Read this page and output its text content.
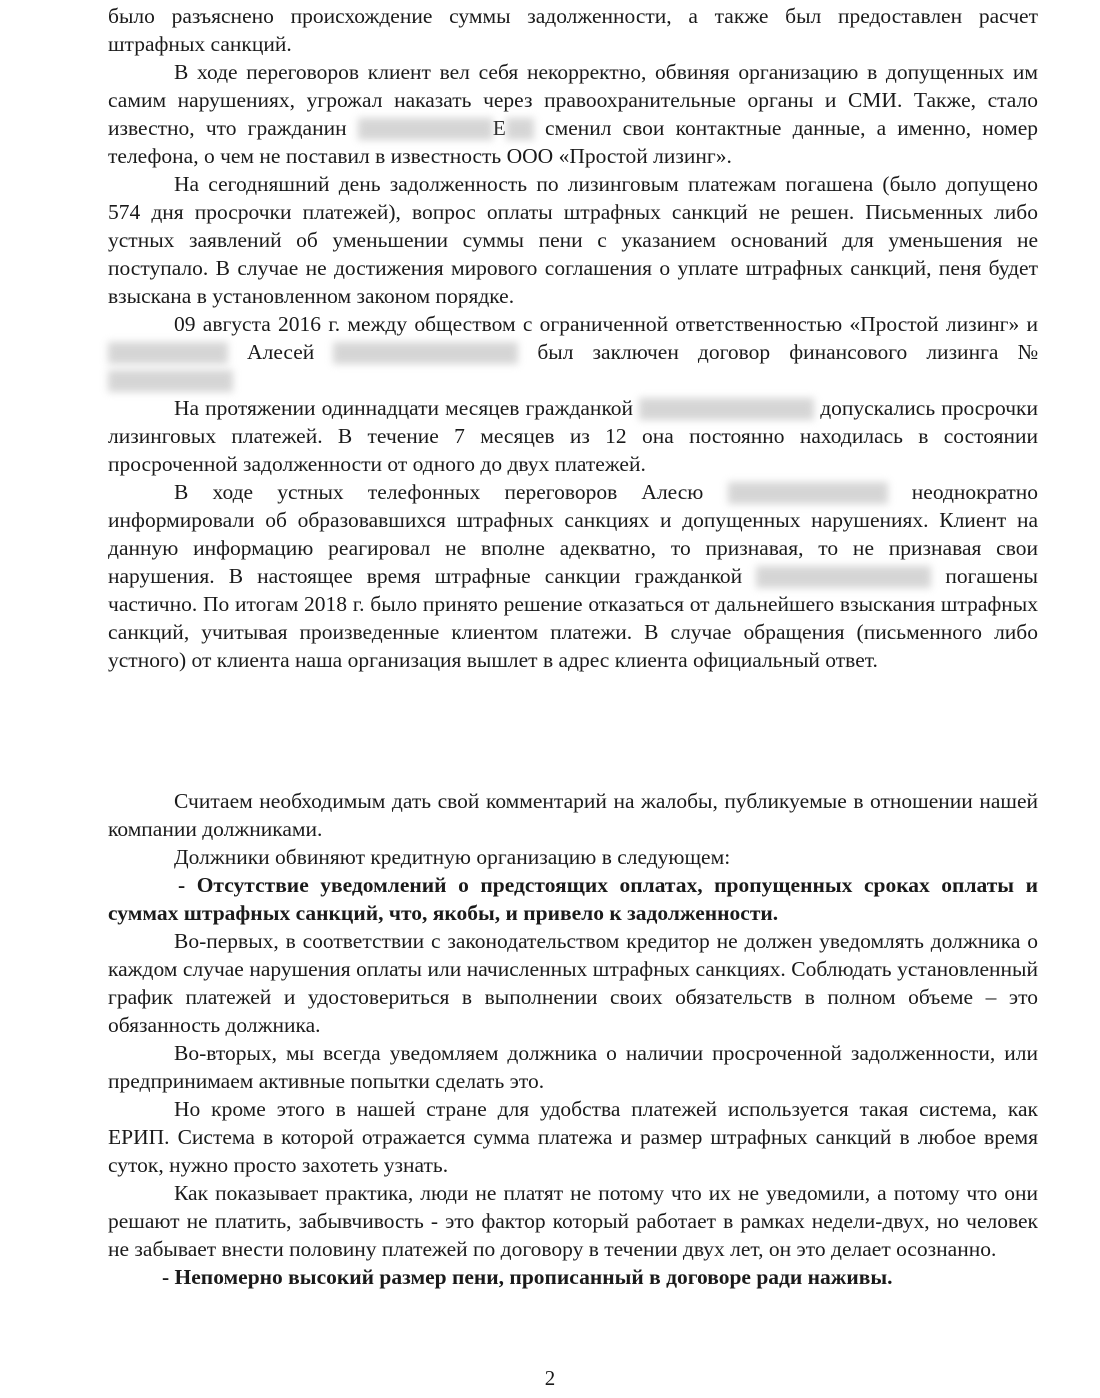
было разъяснено происхождение суммы задолженности, а также был предоставлен расчет штрафных санкций.

В ходе переговоров клиент вел себя некорректно, обвиняя организацию в допущенных им самим нарушениях, угрожал наказать через правоохранительные органы и СМИ. Также, стало известно, что гражданин	Е сменил свои контактные данные, а именно, номер телефона, о чем не поставил в известность ООО «Простой лизинг».

На сегодняшний день задолженность по лизинговым платежам погашена (было допущено 574 дня просрочки платежей), вопрос оплаты штрафных санкций не решен. Письменных либо устных заявлений об уменьшении суммы пени с указанием оснований для уменьшения не поступало. В случае не достижения мирового соглашения о уплате штрафных санкций, пеня будет взыскана в установленном законом порядке.

09 августа 2016 г. между обществом с ограниченной ответственностью «Простой лизинг» и  Алесей	был заключен договор финансового лизинга №

На протяжении одиннадцати месяцев гражданкой	допускались просрочки лизинговых платежей. В течение 7 месяцев из 12 она постоянно находилась в состоянии просроченной задолженности от одного до двух платежей.

В ходе устных телефонных переговоров Алесю	неоднократно информировали об образовавшихся штрафных санкциях и допущенных нарушениях. Клиент на данную информацию реагировал не вполне адекватно, то признавая, то не признавая свои нарушения. В настоящее время штрафные санкции гражданкой	погашены частично. По итогам 2018 г. было принято решение отказаться от дальнейшего взыскания штрафных санкций, учитывая произведенные клиентом платежи. В случае обращения (письменного либо устного) от клиента наша организация вышлет в адрес клиента официальный ответ.

Считаем необходимым дать свой комментарий на жалобы, публикуемые в отношении нашей компании должниками.

Должники обвиняют кредитную организацию в следующем:

- Отсутствие уведомлений о предстоящих оплатах, пропущенных сроках оплаты и суммах штрафных санкций, что, якобы, и привело к задолженности.

Во-первых, в соответствии с законодательством кредитор не должен уведомлять должника о каждом случае нарушения оплаты или начисленных штрафных санкциях. Соблюдать установленный график платежей и удостовериться в выполнении своих обязательств в полном объеме – это обязанность должника.

Во-вторых, мы всегда уведомляем должника о наличии просроченной задолженности, или предпринимаем активные попытки сделать это.

Но кроме этого в нашей стране для удобства платежей используется такая система, как ЕРИП. Система в которой отражается сумма платежа и размер штрафных санкций в любое время суток, нужно просто захотеть узнать.

Как показывает практика, люди не платят не потому что их не уведомили, а потому что они решают не платить, забывчивость - это фактор который работает в рамках недели-двух, но человек не забывает внести половину платежей по договору в течении двух лет, он это делает осознанно.

- Непомерно высокий размер пени, прописанный в договоре ради наживы.

2
